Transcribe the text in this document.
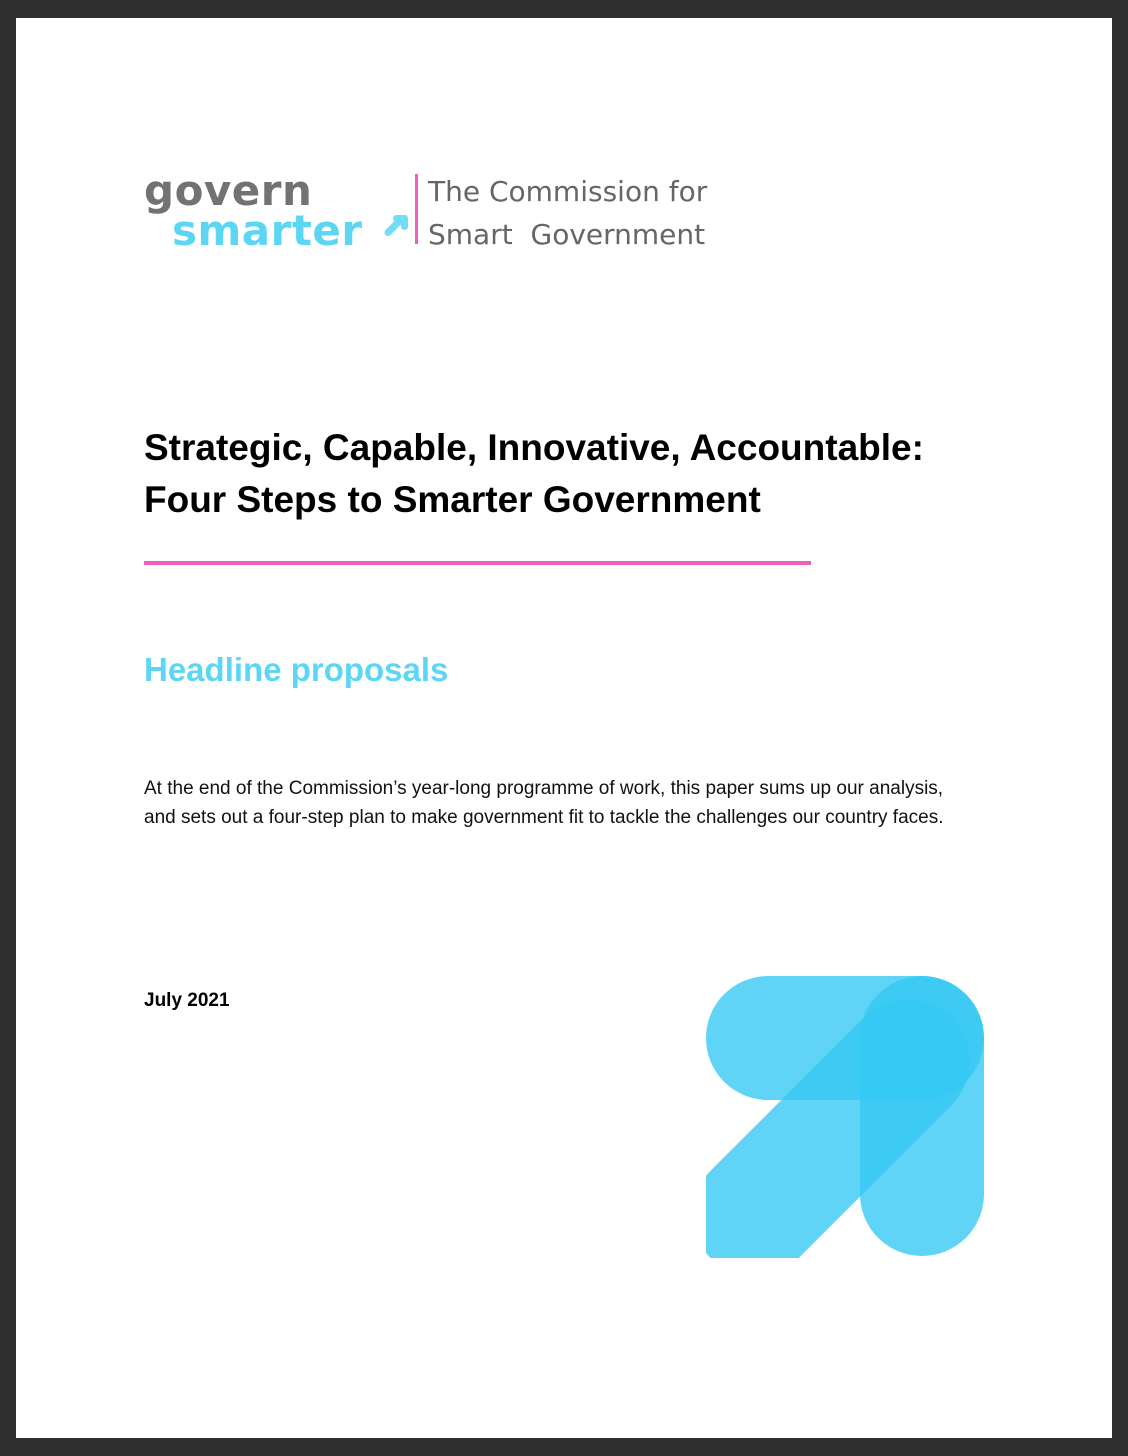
govern
smarter
The Commission for
Smart  Government
Strategic, Capable, Innovative, Accountable:
Four Steps to Smarter Government
Headline proposals

At the end of the Commission’s year-long programme of work, this paper sums up our analysis,
and sets out a four-step plan to make government fit to tackle the challenges our country faces.

July 2021
